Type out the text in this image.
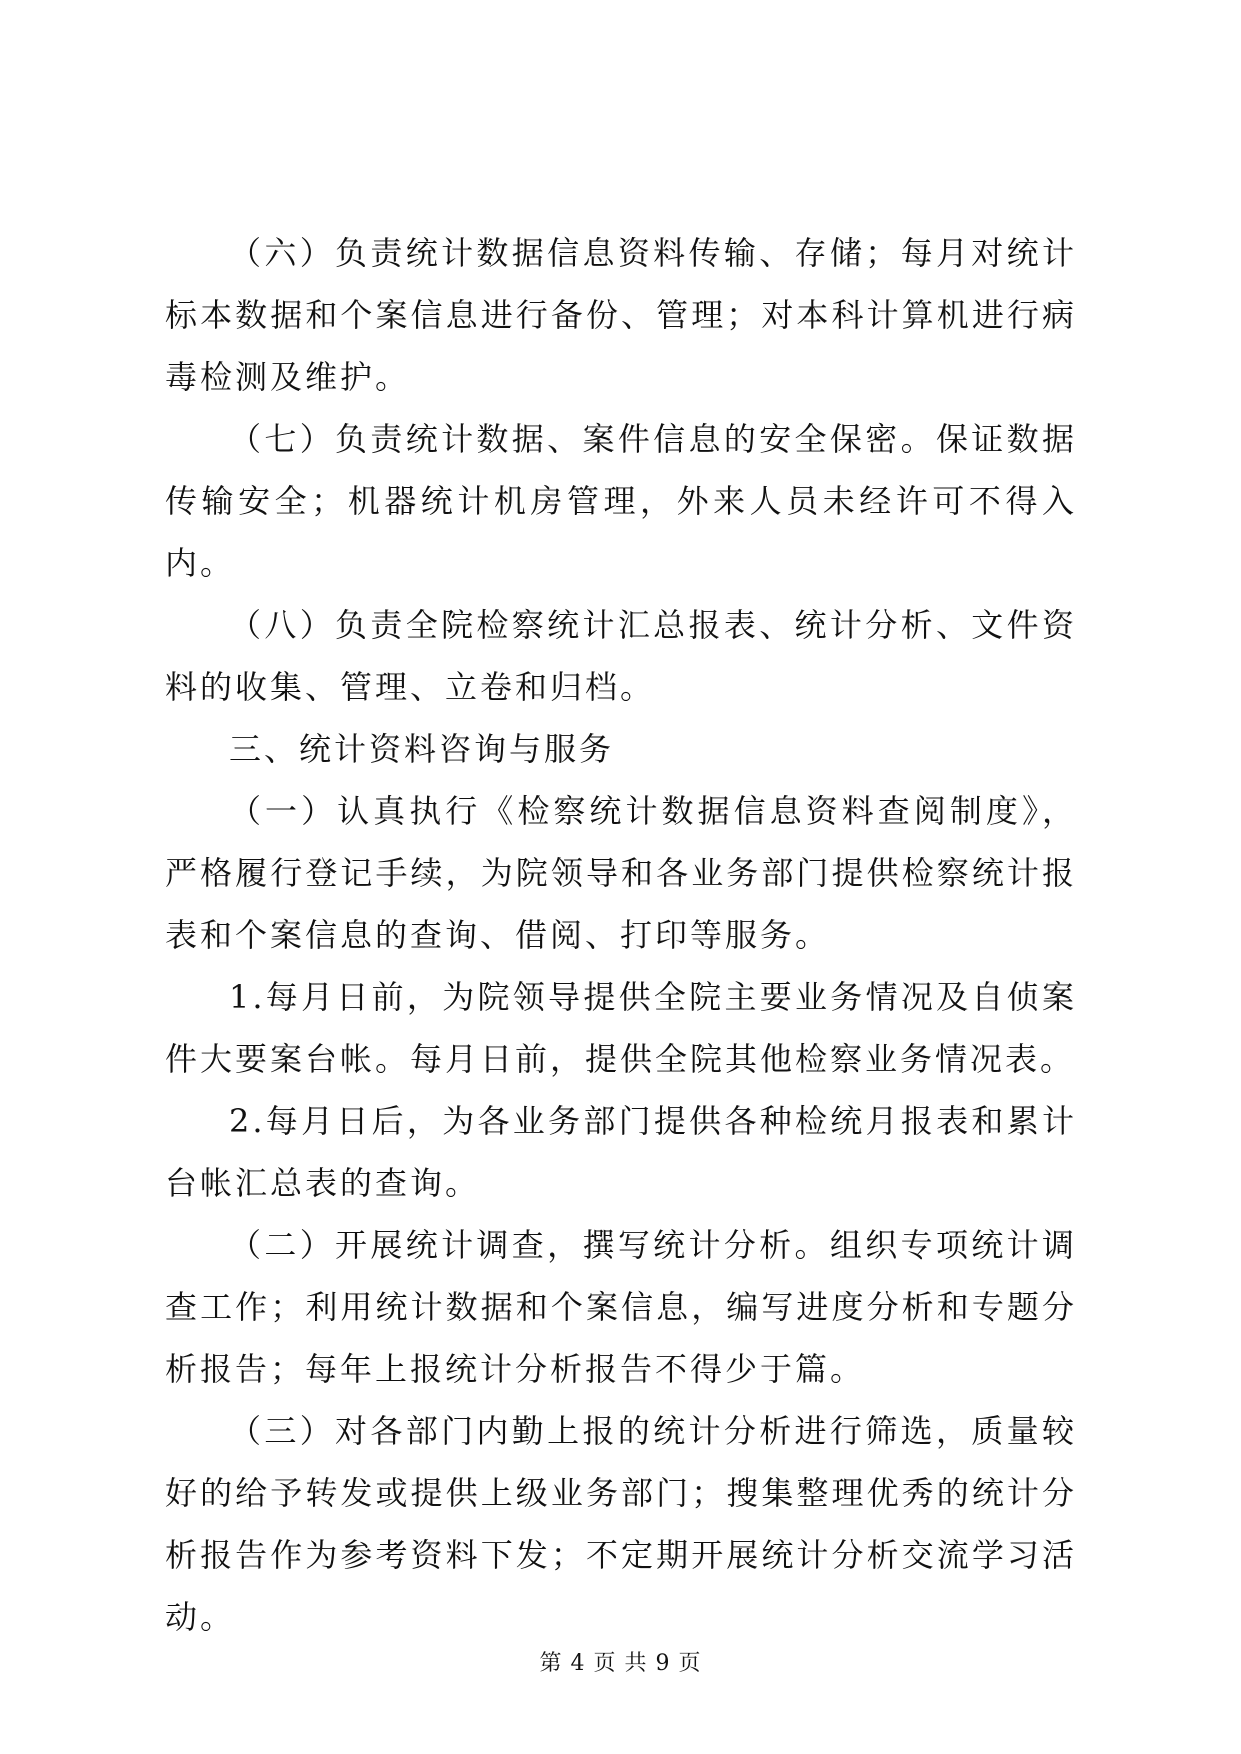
（六）负责统计数据信息资料传输、存储；每月对统计标本数据和个案信息进行备份、管理；对本科计算机进行病毒检测及维护。

（七）负责统计数据、案件信息的安全保密。保证数据传输安全；机器统计机房管理，外来人员未经许可不得入内。

（八）负责全院检察统计汇总报表、统计分析、文件资料的收集、管理、立卷和归档。

三、统计资料咨询与服务

（一）认真执行《检察统计数据信息资料查阅制度》，严格履行登记手续，为院领导和各业务部门提供检察统计报表和个案信息的查询、借阅、打印等服务。

1.每月日前，为院领导提供全院主要业务情况及自侦案件大要案台帐。每月日前，提供全院其他检察业务情况表。

2.每月日后，为各业务部门提供各种检统月报表和累计台帐汇总表的查询。

（二）开展统计调查，撰写统计分析。组织专项统计调查工作；利用统计数据和个案信息，编写进度分析和专题分析报告；每年上报统计分析报告不得少于篇。

（三）对各部门内勤上报的统计分析进行筛选，质量较好的给予转发或提供上级业务部门；搜集整理优秀的统计分析报告作为参考资料下发；不定期开展统计分析交流学习活动。

第 4 页 共 9 页
